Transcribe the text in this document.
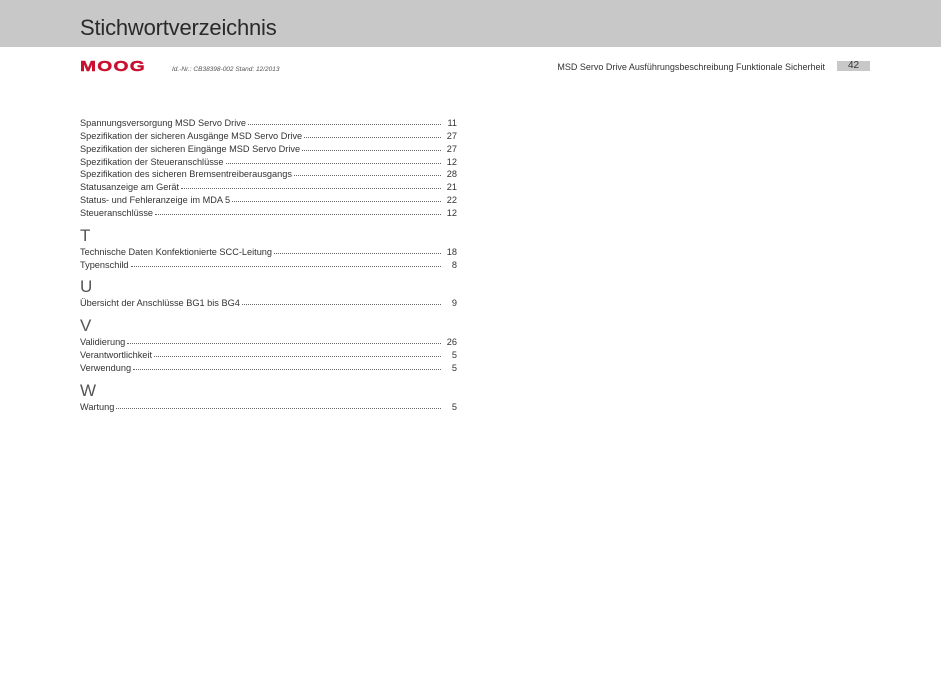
Stichwortverzeichnis
MOOG	Id.-Nr.: CB38398-002 Stand: 12/2013	MSD Servo Drive Ausführungsbeschreibung Funktionale Sicherheit	42
Spannungsversorgung MSD Servo Drive	11
Spezifikation der sicheren Ausgänge MSD Servo Drive	27
Spezifikation der sicheren Eingänge MSD Servo Drive	27
Spezifikation der Steueranschlüsse	12
Spezifikation des sicheren Bremsentreiberausgangs	28
Statusanzeige am Gerät	21
Status- und Fehleranzeige im MDA 5	22
Steueranschlüsse	12
T
Technische Daten Konfektionierte SCC-Leitung	18
Typenschild	8
U
Übersicht der Anschlüsse BG1 bis BG4	9
V
Validierung	26
Verantwortlichkeit	5
Verwendung	5
W
Wartung	5
